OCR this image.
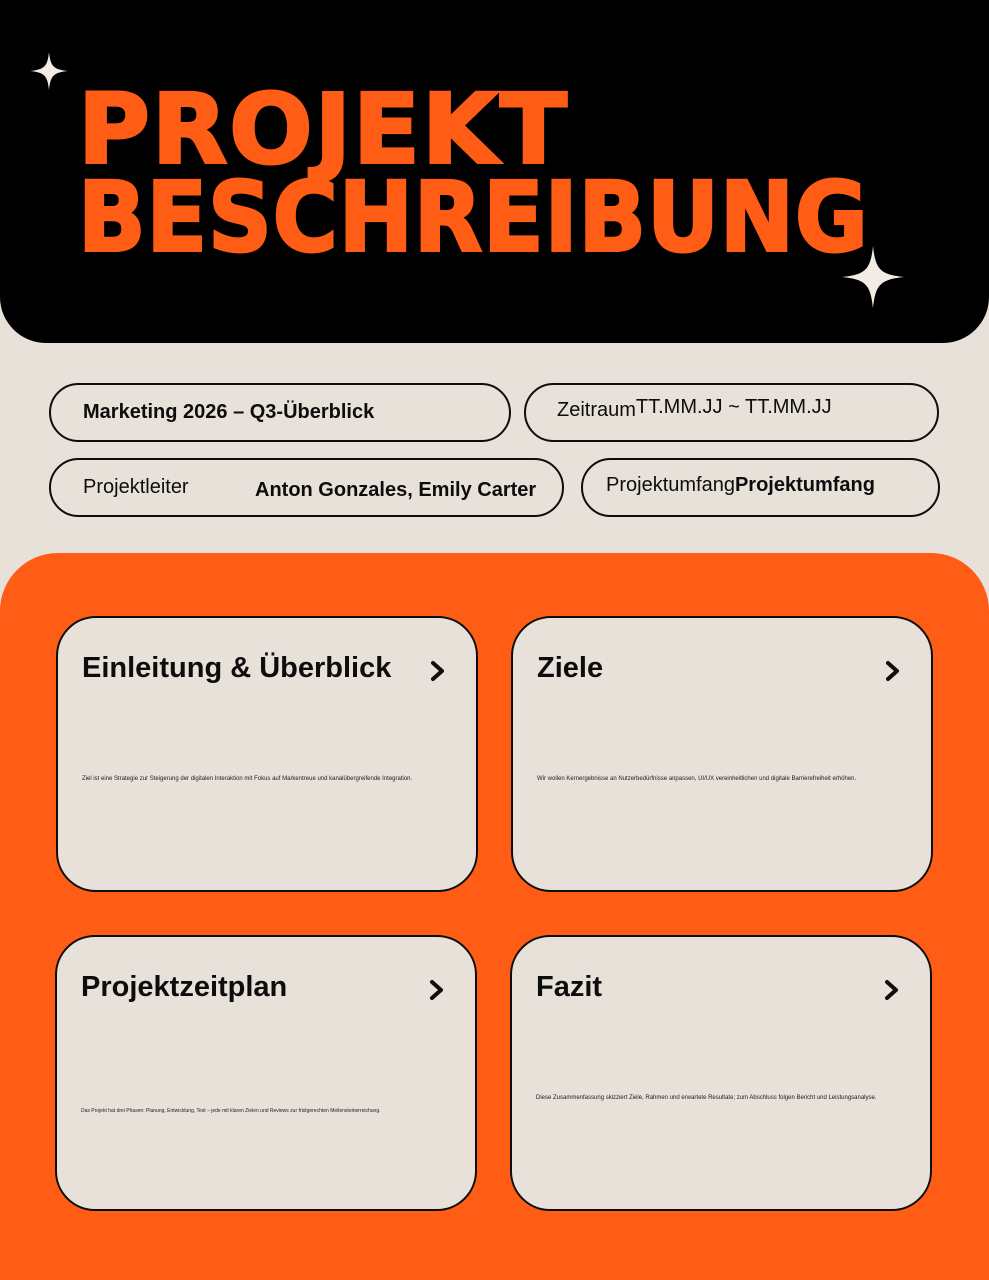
PROJEKT
BESCHREIBUNG
Marketing 2026 – Q3-Überblick	Zeitraum TT.MM.JJ ~ TT.MM.JJ
Projektleiter	Anton Gonzales, Emily Carter	Projektumfang Projektumfang
Einleitung & Überblick
Ziel ist eine Strategie zur Steigerung der digitalen Interaktion mit Fokus auf Markentreue und kanalübergreifende Integration.
Ziele
Wir wollen Kernergebnisse an Nutzerbedürfnisse anpassen, UI/UX vereinheitlichen und digitale Barrierefreiheit erhöhen.
Projektzeitplan
Das Projekt hat drei Phasen: Planung, Entwicklung, Test – jede mit klaren Zielen und Reviews zur fristgerechten Meilensteinerreichung.
Fazit
Diese Zusammenfassung skizziert Ziele, Rahmen und erwartete Resultate; zum Abschluss folgen Bericht und Leistungsanalyse.
